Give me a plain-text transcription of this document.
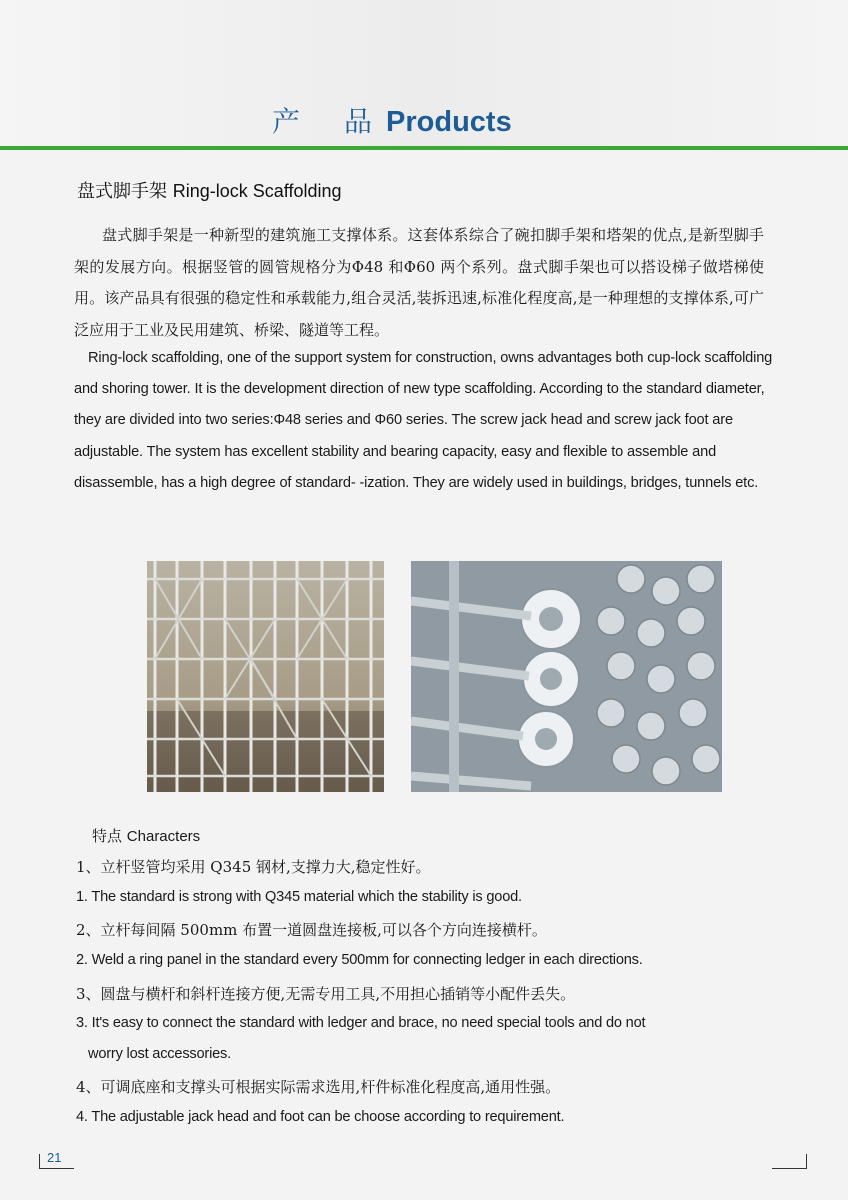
产 品 Products
盘式脚手架 Ring-lock Scaffolding
盘式脚手架是一种新型的建筑施工支撑体系。这套体系综合了碗扣脚手架和塔架的优点,是新型脚手架的发展方向。根据竖管的圆管规格分为Φ48 和Φ60 两个系列。盘式脚手架也可以搭设梯子做塔梯使用。该产品具有很强的稳定性和承载能力,组合灵活,装拆迅速,标准化程度高,是一种理想的支撑体系,可广泛应用于工业及民用建筑、桥梁、隧道等工程。
Ring-lock scaffolding, one of the support system for construction, owns advantages both cup-lock scaffolding and shoring tower. It is the development direction of new type scaffolding. According to the standard diameter, they are divided into two series:Φ48 series and Φ60 series. The screw jack head and screw jack foot are adjustable. The system has excellent stability and bearing capacity, easy and flexible to assemble and disassemble, has a high degree of standard- -ization. They are widely used in buildings, bridges, tunnels etc.
特点 Characters
1、立杆竖管均采用 Q345 钢材,支撑力大,稳定性好。
1. The standard is strong with Q345 material which the stability is good.
2、立杆每间隔 500mm 布置一道圆盘连接板,可以各个方向连接横杆。
2. Weld a ring panel in the standard every 500mm for connecting ledger in each directions.
3、圆盘与横杆和斜杆连接方便,无需专用工具,不用担心插销等小配件丢失。
3. It's easy to connect the standard with ledger and brace, no need special tools and do not
worry lost accessories.
4、可调底座和支撑头可根据实际需求选用,杆件标准化程度高,通用性强。
4. The adjustable jack head and foot can be choose according to requirement.
21
